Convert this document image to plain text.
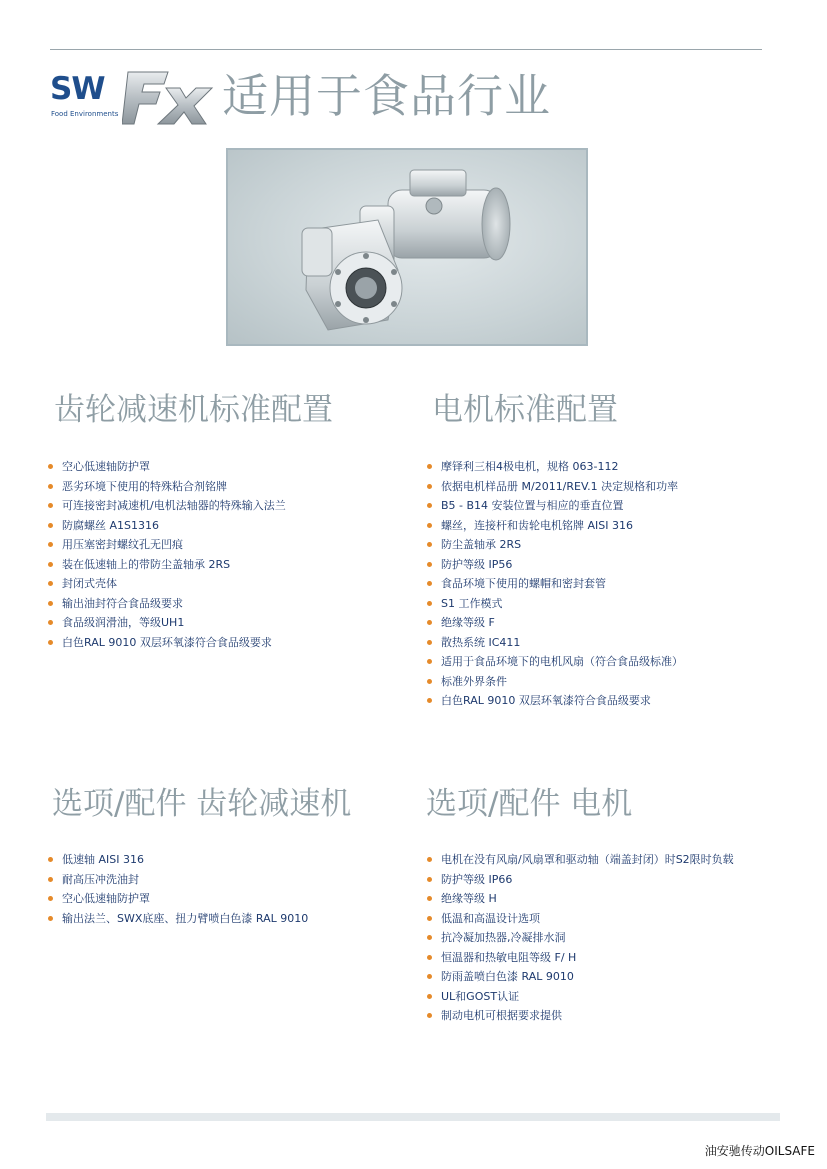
SW
Food Environments 适用于食品行业
齿轮减速机标准配置
空心低速轴防护罩
恶劣环境下使用的特殊粘合剂铭牌
可连接密封减速机/电机法轴器的特殊输入法兰
防腐螺丝 A1S1316
用压塞密封螺纹孔无凹痕
装在低速轴上的带防尘盖轴承 2RS
封闭式壳体
输出油封符合食品级要求
食品级润滑油，等级UH1
白色RAL 9010 双层环氧漆符合食品级要求
电机标准配置
摩铎利三相4极电机，规格 063-112
依据电机样品册 M/2011/REV.1 决定规格和功率
B5 - B14 安装位置与相应的垂直位置
螺丝，连接杆和齿轮电机铭牌 AISI 316
防尘盖轴承 2RS
防护等级 IP56
食品环境下使用的螺帽和密封套管
S1 工作模式
绝缘等级 F
散热系统 IC411
适用于食品环境下的电机风扇（符合食品级标准）
标准外界条件
白色RAL 9010 双层环氧漆符合食品级要求
选项/配件 齿轮减速机
低速轴 AISI 316
耐高压冲洗油封
空心低速轴防护罩
输出法兰、SWX底座、扭力臂喷白色漆 RAL 9010
选项/配件 电机
电机在没有风扇/风扇罩和驱动轴（端盖封闭）时S2限时负载
防护等级 IP66
绝缘等级 H
低温和高温设计选项
抗冷凝加热器,冷凝排水洞
恒温器和热敏电阻等级 F/ H
防雨盖喷白色漆 RAL 9010
UL和GOST认证
制动电机可根据要求提供
油安驰传动OILSAFE
